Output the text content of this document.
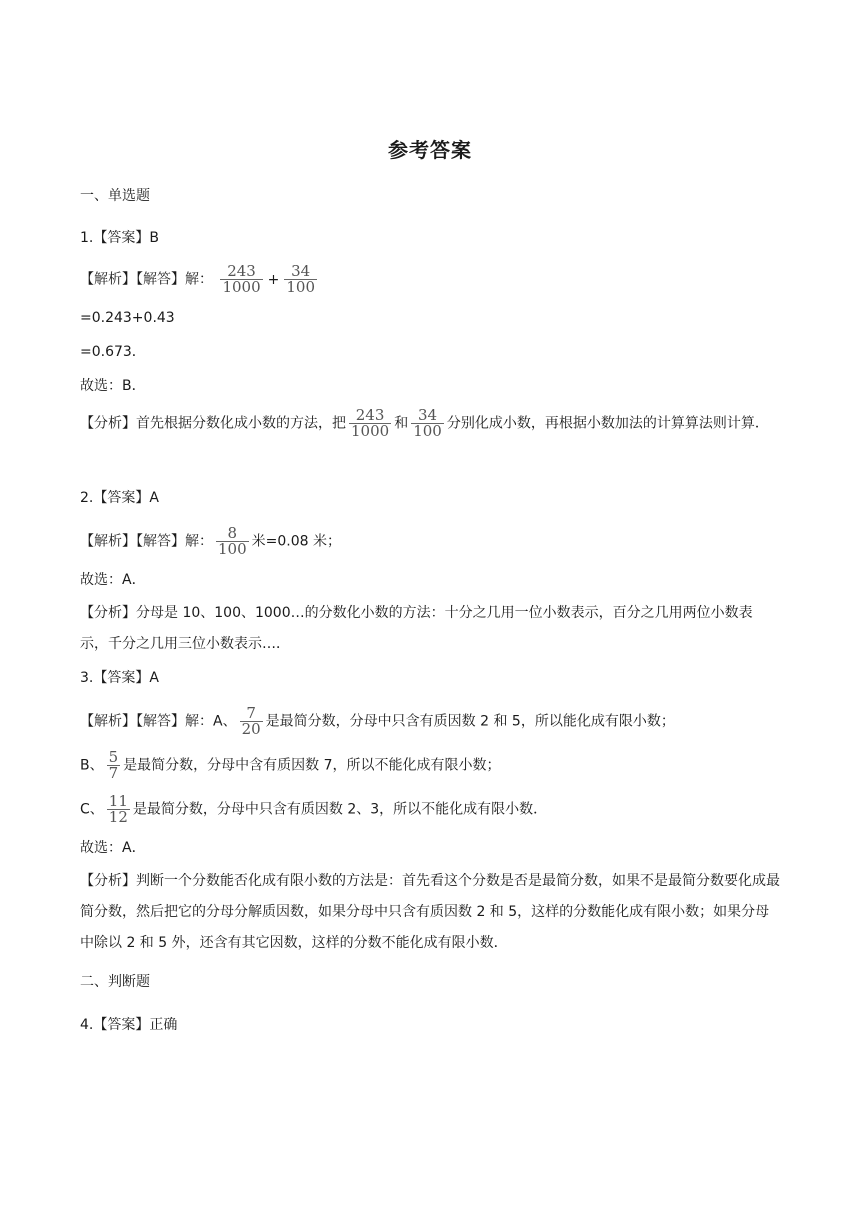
参考答案
一、单选题
1.【答案】B
【解析】【解答】解： $\frac{243}{1000} + \frac{34}{100}$
=0.243+0.43
=0.673．
故选：B．
【分析】首先根据分数化成小数的方法，把 $\frac{243}{1000}$ 和 $\frac{34}{100}$ 分别化成小数，再根据小数加法的计算算法则计算．
2.【答案】A
【解析】【解答】解： $\frac{8}{100}$ 米=0.08 米；
故选：A．
【分析】分母是 10、100、1000…的分数化小数的方法：十分之几用一位小数表示，百分之几用两位小数表示，千分之几用三位小数表示…．
3.【答案】A
【解析】【解答】解：A、 $\frac{7}{20}$ 是最简分数，分母中只含有质因数 2 和 5，所以能化成有限小数；
B、 $\frac{5}{7}$ 是最简分数，分母中含有质因数 7，所以不能化成有限小数；
C、 $\frac{11}{12}$ 是最简分数，分母中只含有质因数 2、3，所以不能化成有限小数．
故选：A．
【分析】判断一个分数能否化成有限小数的方法是：首先看这个分数是否是最简分数，如果不是最简分数要化成最简分数，然后把它的分母分解质因数，如果分母中只含有质因数 2 和 5，这样的分数能化成有限小数；如果分母中除以 2 和 5 外，还含有其它因数，这样的分数不能化成有限小数．
二、判断题
4.【答案】正确
